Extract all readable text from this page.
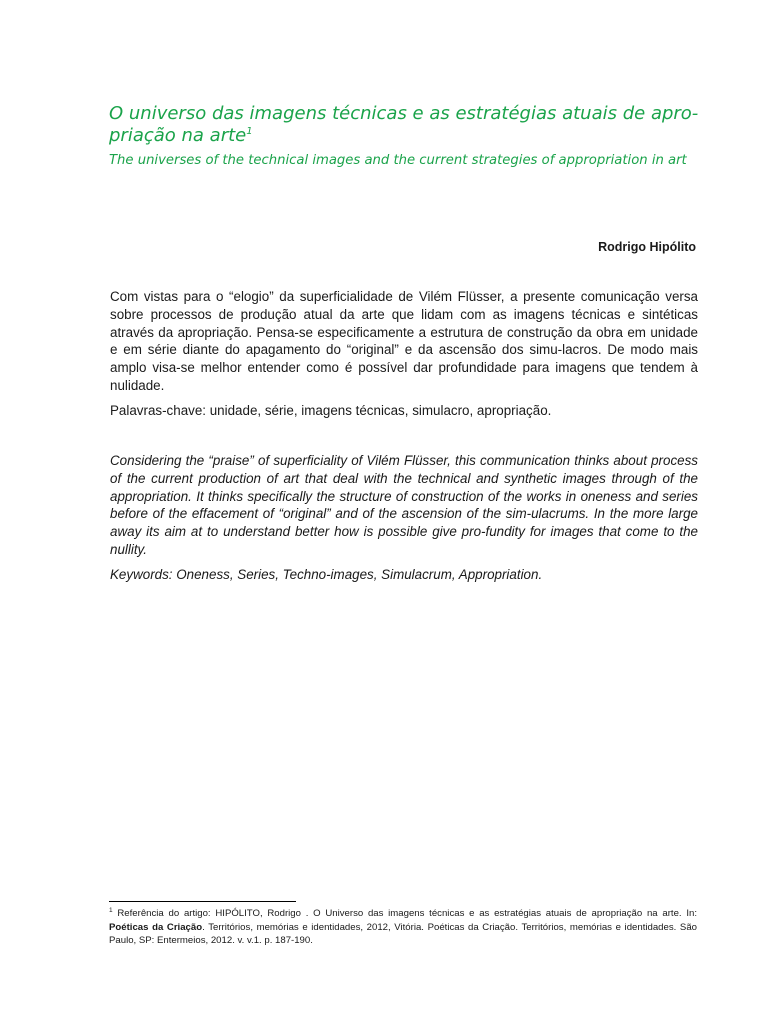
O universo das imagens técnicas e as estratégias atuais de apro-priação na arte$^1$
The universes of the technical images and the current strategies of appropriation in art
Rodrigo Hipólito

Com vistas para o “elogio” da superficialidade de Vilém Flüsser, a presente comunicação versa sobre processos de produção atual da arte que lidam com as imagens técnicas e sintéticas através da apropriação. Pensa-se especificamente a estrutura de construção da obra em unidade e em série diante do apagamento do “original” e da ascensão dos simu-lacros. De modo mais amplo visa-se melhor entender como é possível dar profundidade para imagens que tendem à nulidade.

Palavras-chave: unidade, série, imagens técnicas, simulacro, apropriação.

Considering the “praise” of superficiality of Vilém Flüsser, this communication thinks about process of the current production of art that deal with the technical and synthetic images through of the appropriation. It thinks specifically the structure of construction of the works in oneness and series before of the effacement of “original” and of the ascension of the sim-ulacrums. In the more large away its aim at to understand better how is possible give pro-fundity for images that come to the nullity.

Keywords: Oneness, Series, Techno-images, Simulacrum, Appropriation.

$^1$ Referência do artigo: HIPÓLITO, Rodrigo . O Universo das imagens técnicas e as estratégias atuais de apropriação na arte. In: Poéticas da Criação. Territórios, memórias e identidades, 2012, Vitória. Poéticas da Criação. Territórios, memórias e identidades. São Paulo, SP: Entermeios, 2012. v. v.1. p. 187-190.
